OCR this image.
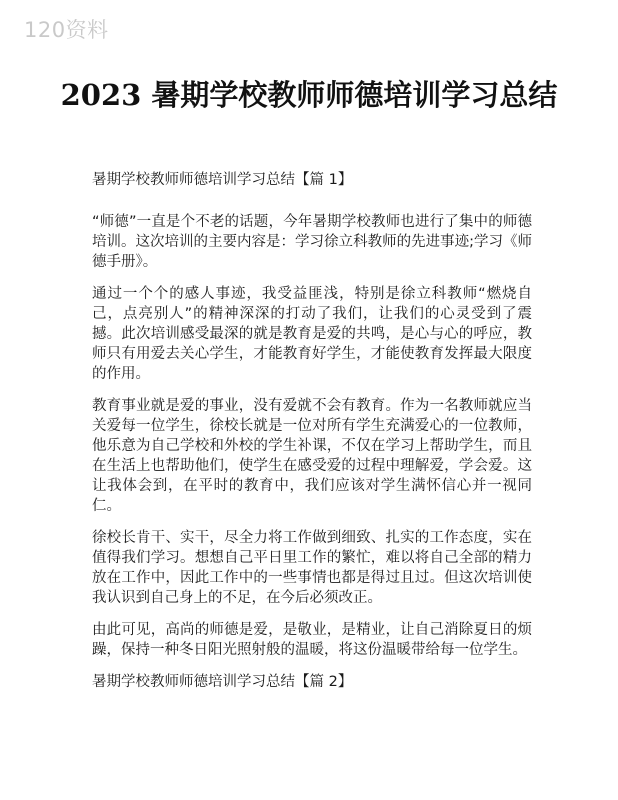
120资料
2023 暑期学校教师师德培训学习总结

暑期学校教师师德培训学习总结【篇 1】

“师德”一直是个不老的话题，今年暑期学校教师也进行了集中的师德培训。这次培训的主要内容是：学习徐立科教师的先进事迹;学习《师德手册》。

通过一个个的感人事迹，我受益匪浅，特别是徐立科教师“燃烧自己，点亮别人”的精神深深的打动了我们，让我们的心灵受到了震撼。此次培训感受最深的就是教育是爱的共鸣，是心与心的呼应，教师只有用爱去关心学生，才能教育好学生，才能使教育发挥最大限度的作用。

教育事业就是爱的事业，没有爱就不会有教育。作为一名教师就应当关爱每一位学生，徐校长就是一位对所有学生充满爱心的一位教师，他乐意为自己学校和外校的学生补课，不仅在学习上帮助学生，而且在生活上也帮助他们，使学生在感受爱的过程中理解爱，学会爱。这让我体会到，在平时的教育中，我们应该对学生满怀信心并一视同仁。

徐校长肯干、实干，尽全力将工作做到细致、扎实的工作态度，实在值得我们学习。想想自己平日里工作的繁忙，难以将自己全部的精力放在工作中，因此工作中的一些事情也都是得过且过。但这次培训使我认识到自己身上的不足，在今后必须改正。

由此可见，高尚的师德是爱，是敬业，是精业，让自己消除夏日的烦躁，保持一种冬日阳光照射般的温暖，将这份温暖带给每一位学生。

暑期学校教师师德培训学习总结【篇 2】
